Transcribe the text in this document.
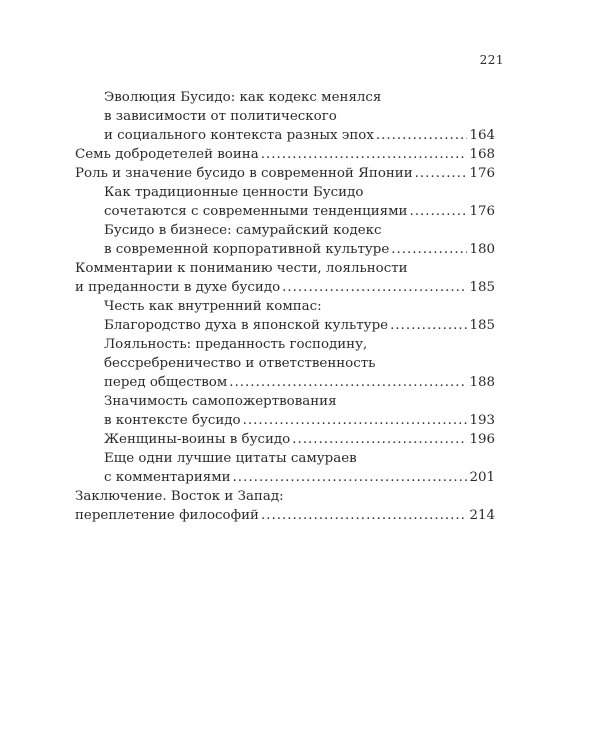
221
Эволюция Бусидо: как кодекс менялся
в зависимости от политического
и социального контекста разных эпох .....	164
Семь добродетелей воина .....	168
Роль и значение бусидо в современной Японии .....	176
Как традиционные ценности Бусидо
сочетаются с современными тенденциями .....	176
Бусидо в бизнесе: самурайский кодекс
в современной корпоративной культуре .....	180
Комментарии к пониманию чести, лояльности
и преданности в духе бусидо .....	185
Честь как внутренний компас:
Благородство духа в японской культуре .....	185
Лояльность: преданность господину,
бессребреничество и ответственность
перед обществом .....	188
Значимость самопожертвования
в контексте бусидо .....	193
Женщины-воины в бусидо .....	196
Еще одни лучшие цитаты самураев
с комментариями .....	201
Заключение. Восток и Запад:
переплетение философий .....	214
